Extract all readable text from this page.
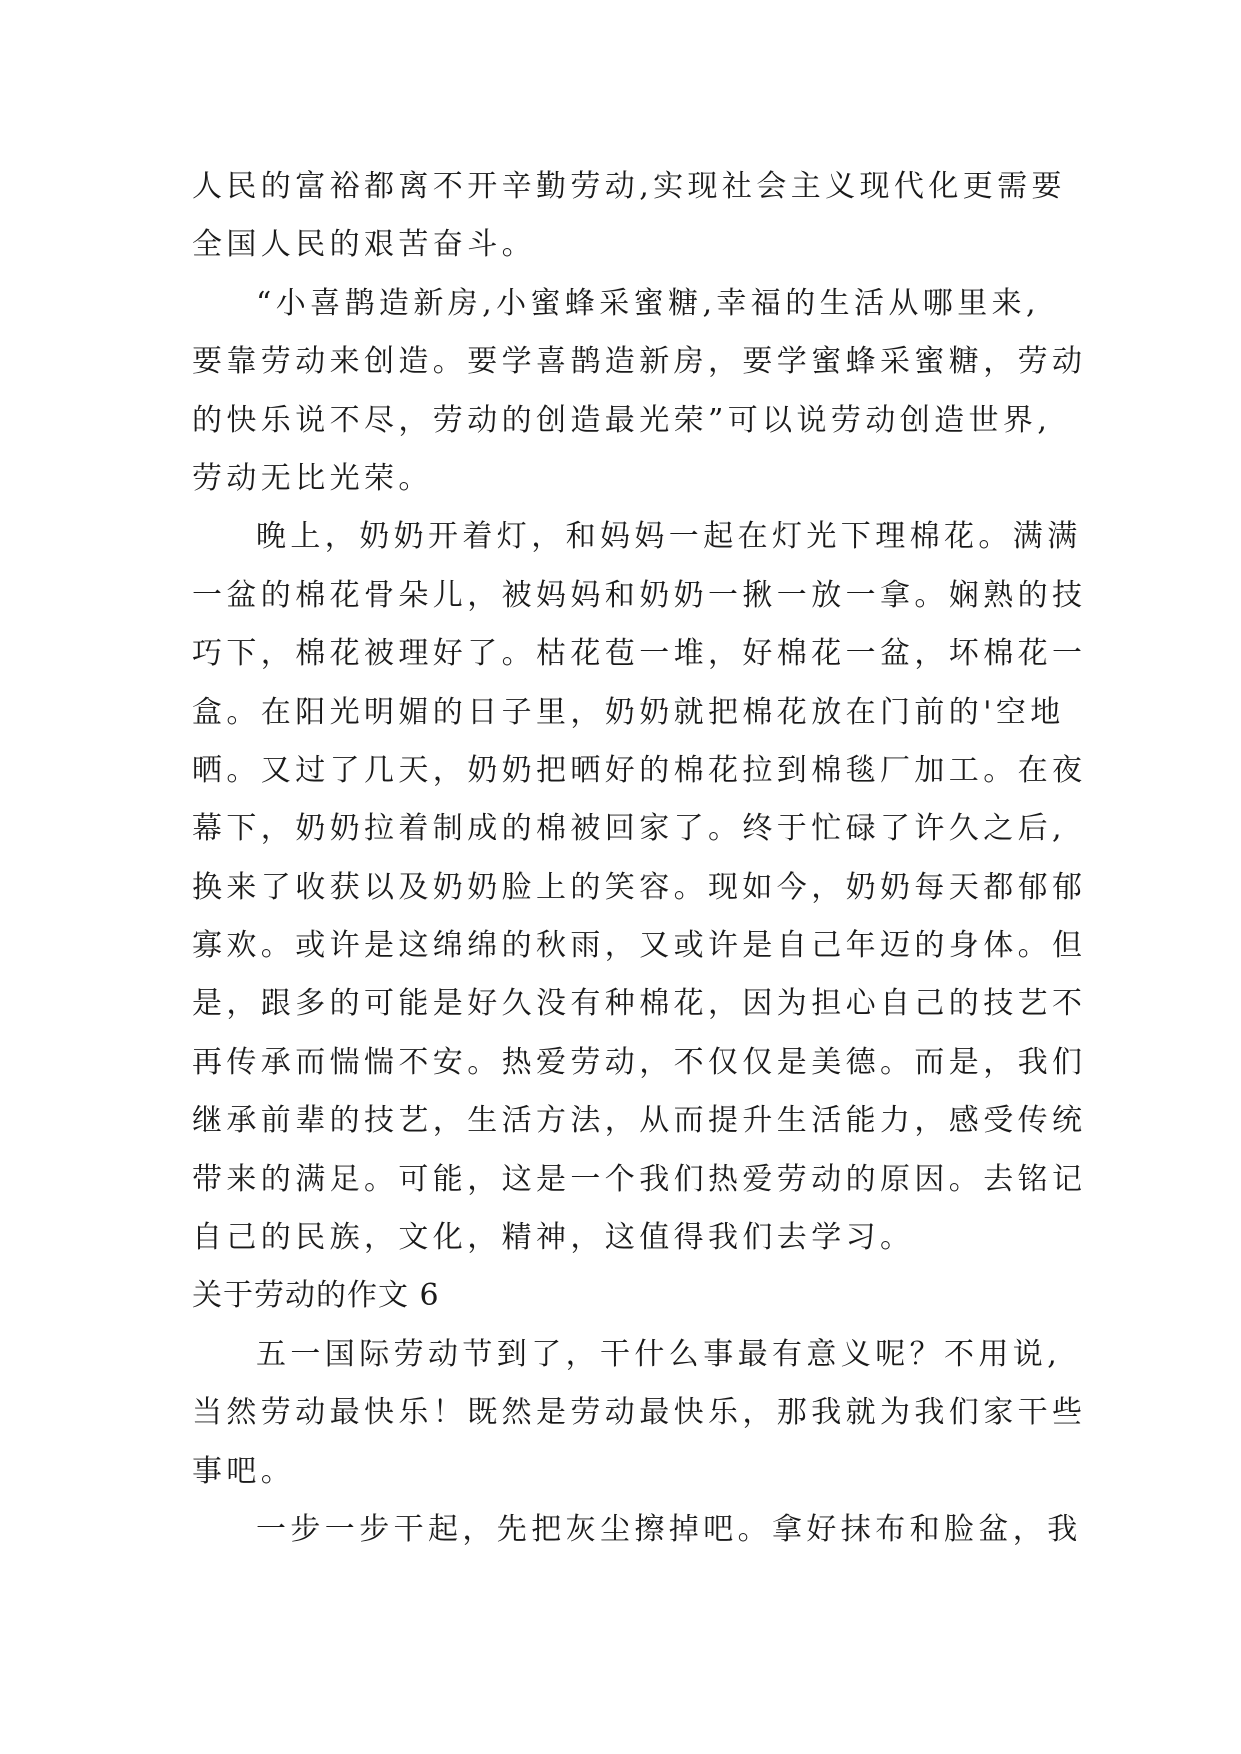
人民的富裕都离不开辛勤劳动,实现社会主义现代化更需要
全国人民的艰苦奋斗。
“小喜鹊造新房,小蜜蜂采蜜糖,幸福的生活从哪里来,
要靠劳动来创造。要学喜鹊造新房，要学蜜蜂采蜜糖，劳动
的快乐说不尽，劳动的创造最光荣”可以说劳动创造世界,
劳动无比光荣。
晚上，奶奶开着灯，和妈妈一起在灯光下理棉花。满满
一盆的棉花骨朵儿，被妈妈和奶奶一揪一放一拿。娴熟的技
巧下，棉花被理好了。枯花苞一堆，好棉花一盆，坏棉花一
盒。在阳光明媚的日子里，奶奶就把棉花放在门前的'空地
晒。又过了几天，奶奶把晒好的棉花拉到棉毯厂加工。在夜
幕下，奶奶拉着制成的棉被回家了。终于忙碌了许久之后,
换来了收获以及奶奶脸上的笑容。现如今，奶奶每天都郁郁
寡欢。或许是这绵绵的秋雨，又或许是自己年迈的身体。但
是，跟多的可能是好久没有种棉花，因为担心自己的技艺不
再传承而惴惴不安。热爱劳动，不仅仅是美德。而是，我们
继承前辈的技艺，生活方法，从而提升生活能力，感受传统
带来的满足。可能，这是一个我们热爱劳动的原因。去铭记
自己的民族，文化，精神，这值得我们去学习。
关于劳动的作文 6
五一国际劳动节到了，干什么事最有意义呢？不用说,
当然劳动最快乐！既然是劳动最快乐，那我就为我们家干些
事吧。
一步一步干起，先把灰尘擦掉吧。拿好抹布和脸盆，我
